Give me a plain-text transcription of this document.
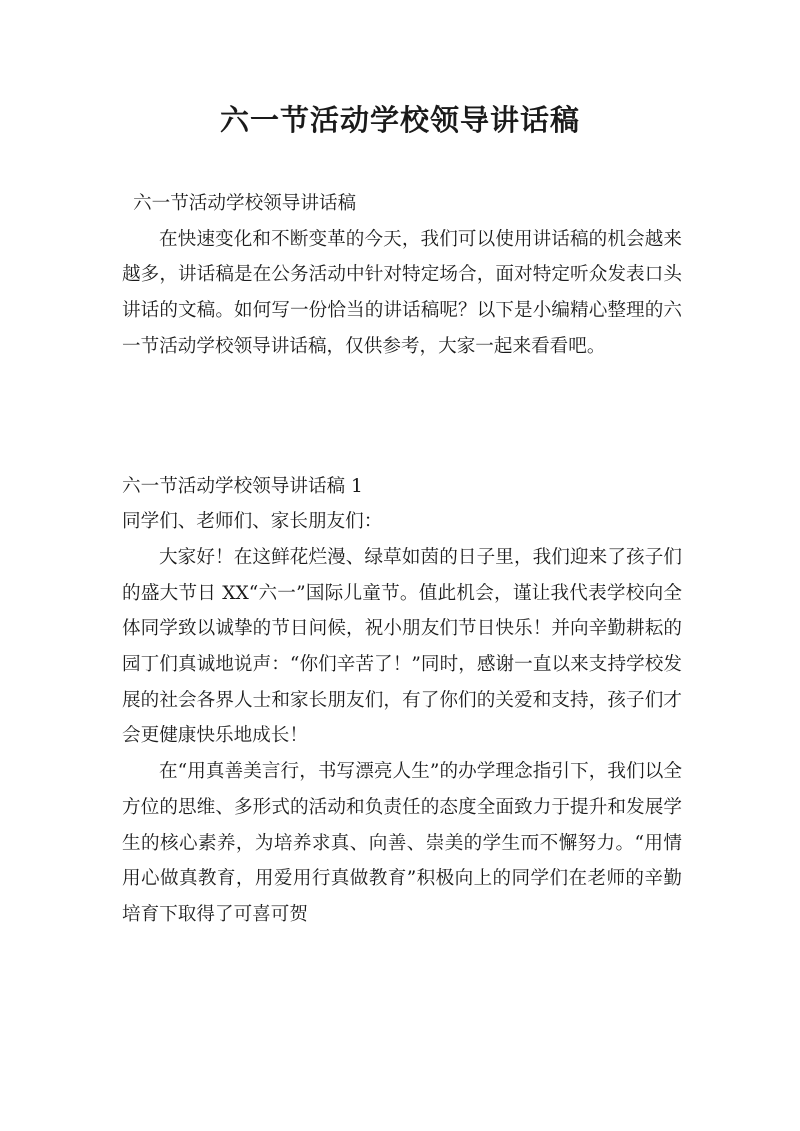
六一节活动学校领导讲话稿

六一节活动学校领导讲话稿

在快速变化和不断变革的今天，我们可以使用讲话稿的机会越来越多，讲话稿是在公务活动中针对特定场合，面对特定听众发表口头讲话的文稿。如何写一份恰当的讲话稿呢？以下是小编精心整理的六一节活动学校领导讲话稿，仅供参考，大家一起来看看吧。

六一节活动学校领导讲话稿 1

同学们、老师们、家长朋友们：

大家好！在这鲜花烂漫、绿草如茵的日子里，我们迎来了孩子们的盛大节日 XX“六一”国际儿童节。值此机会，谨让我代表学校向全体同学致以诚挚的节日问候，祝小朋友们节日快乐！并向辛勤耕耘的园丁们真诚地说声：“你们辛苦了！”同时，感谢一直以来支持学校发展的社会各界人士和家长朋友们，有了你们的关爱和支持，孩子们才会更健康快乐地成长！

在“用真善美言行，书写漂亮人生”的办学理念指引下，我们以全方位的思维、多形式的活动和负责任的态度全面致力于提升和发展学生的核心素养，为培养求真、向善、崇美的学生而不懈努力。“用情用心做真教育，用爱用行真做教育”积极向上的同学们在老师的辛勤培育下取得了可喜可贺
